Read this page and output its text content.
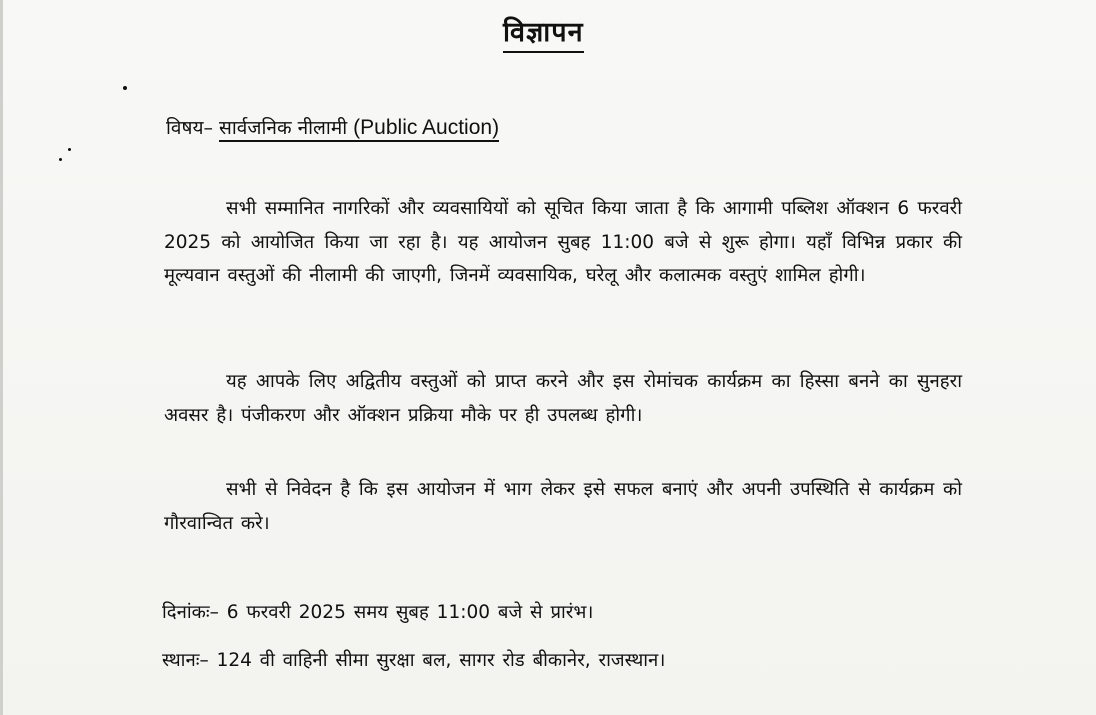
विज्ञापन
विषय– सार्वजनिक नीलामी (Public Auction)

सभी सम्मानित नागरिकों और व्यवसायियों को सूचित किया जाता है कि आगामी पब्लिश ऑक्शन 6 फरवरी 2025 को आयोजित किया जा रहा है। यह आयोजन सुबह 11:00 बजे से शुरू होगा। यहाँ विभिन्न प्रकार की मूल्यवान वस्तुओं की नीलामी की जाएगी, जिनमें व्यवसायिक, घरेलू और कलात्मक वस्तुएं शामिल होगी।

यह आपके लिए अद्वितीय वस्तुओं को प्राप्त करने और इस रोमांचक कार्यक्रम का हिस्सा बनने का सुनहरा अवसर है। पंजीकरण और ऑक्शन प्रक्रिया मौके पर ही उपलब्ध होगी।

सभी से निवेदन है कि इस आयोजन में भाग लेकर इसे सफल बनाएं और अपनी उपस्थिति से कार्यक्रम को गौरवान्वित करे।

दिनांकः– 6 फरवरी 2025 समय सुबह 11:00 बजे से प्रारंभ।
स्थानः– 124 वी वाहिनी सीमा सुरक्षा बल, सागर रोड बीकानेर, राजस्थान।
